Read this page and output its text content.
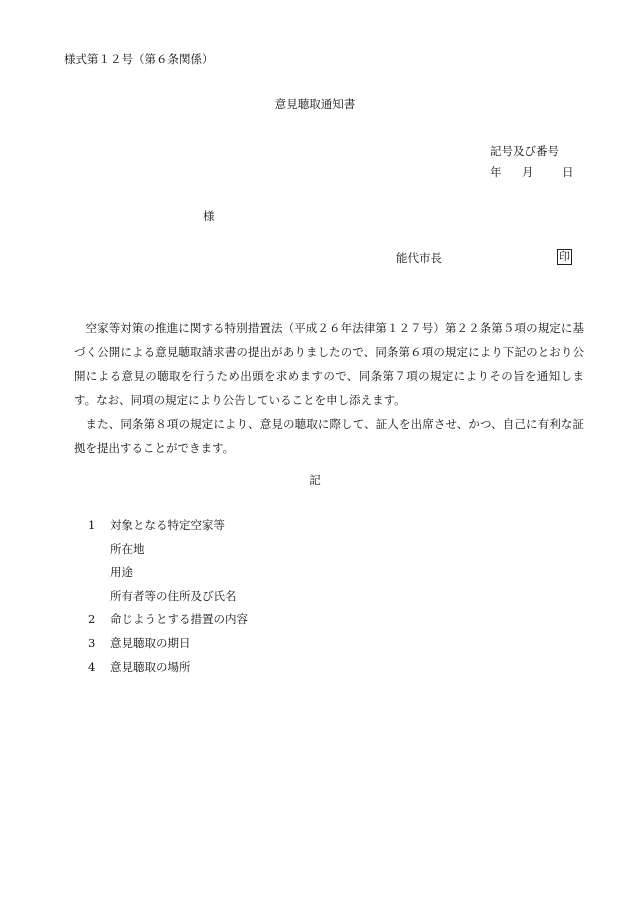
様式第１２号（第６条関係）
意見聴取通知書
記号及び番号
年 月 日
様
能代市長	印

空家等対策の推進に関する特別措置法（平成２６年法律第１２７号）第２２条第５項の規定に基づく公開による意見聴取請求書の提出がありましたので、同条第６項の規定により下記のとおり公開による意見の聴取を行うため出頭を求めますので、同条第７項の規定によりその旨を通知します。なお、同項の規定により公告していることを申し添えます。

また、同条第８項の規定により、意見の聴取に際して、証人を出席させ、かつ、自己に有利な証拠を提出することができます。

記
1	対象となる特定空家等
所在地
用途
所有者等の住所及び氏名
2	命じようとする措置の内容
3	意見聴取の期日
4	意見聴取の場所
